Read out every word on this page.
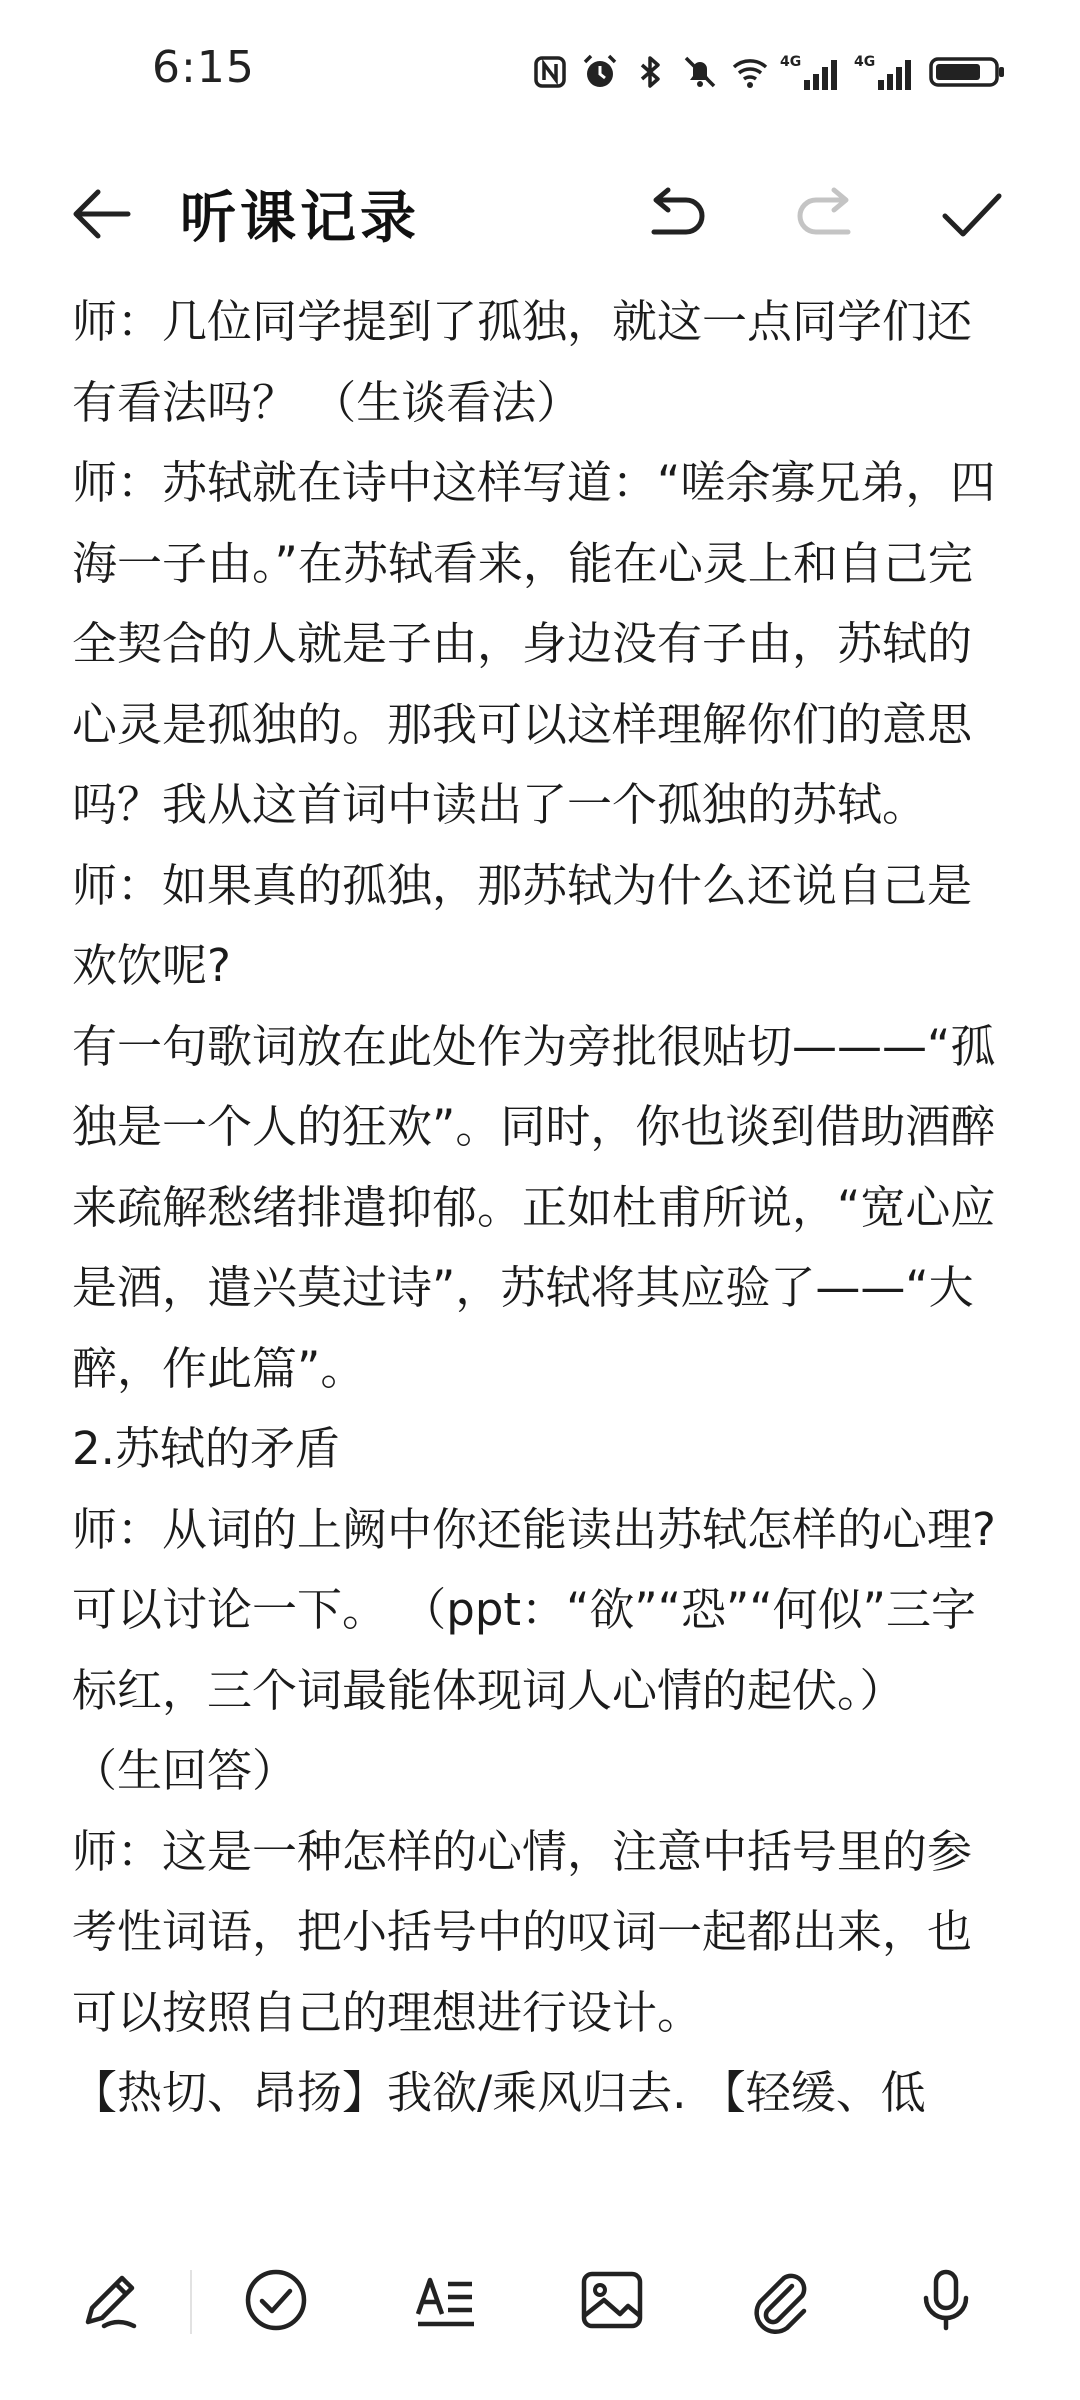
6:15	4G	4G
听课记录

师：几位同学提到了孤独，就这一点同学们还有看法吗？ （生谈看法）

师：苏轼就在诗中这样写道：“嗟余寡兄弟，四海一子由。”在苏轼看来，能在心灵上和自己完全契合的人就是子由，身边没有子由，苏轼的心灵是孤独的。那我可以这样理解你们的意思吗？我从这首词中读出了一个孤独的苏轼。

师：如果真的孤独，那苏轼为什么还说自己是欢饮呢?

有一句歌词放在此处作为旁批很贴切———“孤独是一个人的狂欢”。同时，你也谈到借助酒醉来疏解愁绪排遣抑郁。正如杜甫所说，“宽心应是酒，遣兴莫过诗”，苏轼将其应验了——“大醉，作此篇”。

2.苏轼的矛盾

师：从词的上阙中你还能读出苏轼怎样的心理?可以讨论一下。 （ppt：“欲”“恐”“何似”三字标红，三个词最能体现词人心情的起伏。） （生回答）

师：这是一种怎样的心情，注意中括号里的参考性词语，把小括号中的叹词一起都出来，也可以按照自己的理想进行设计。

【热切、昂扬】我欲/乘风归去. 【轻缓、低
